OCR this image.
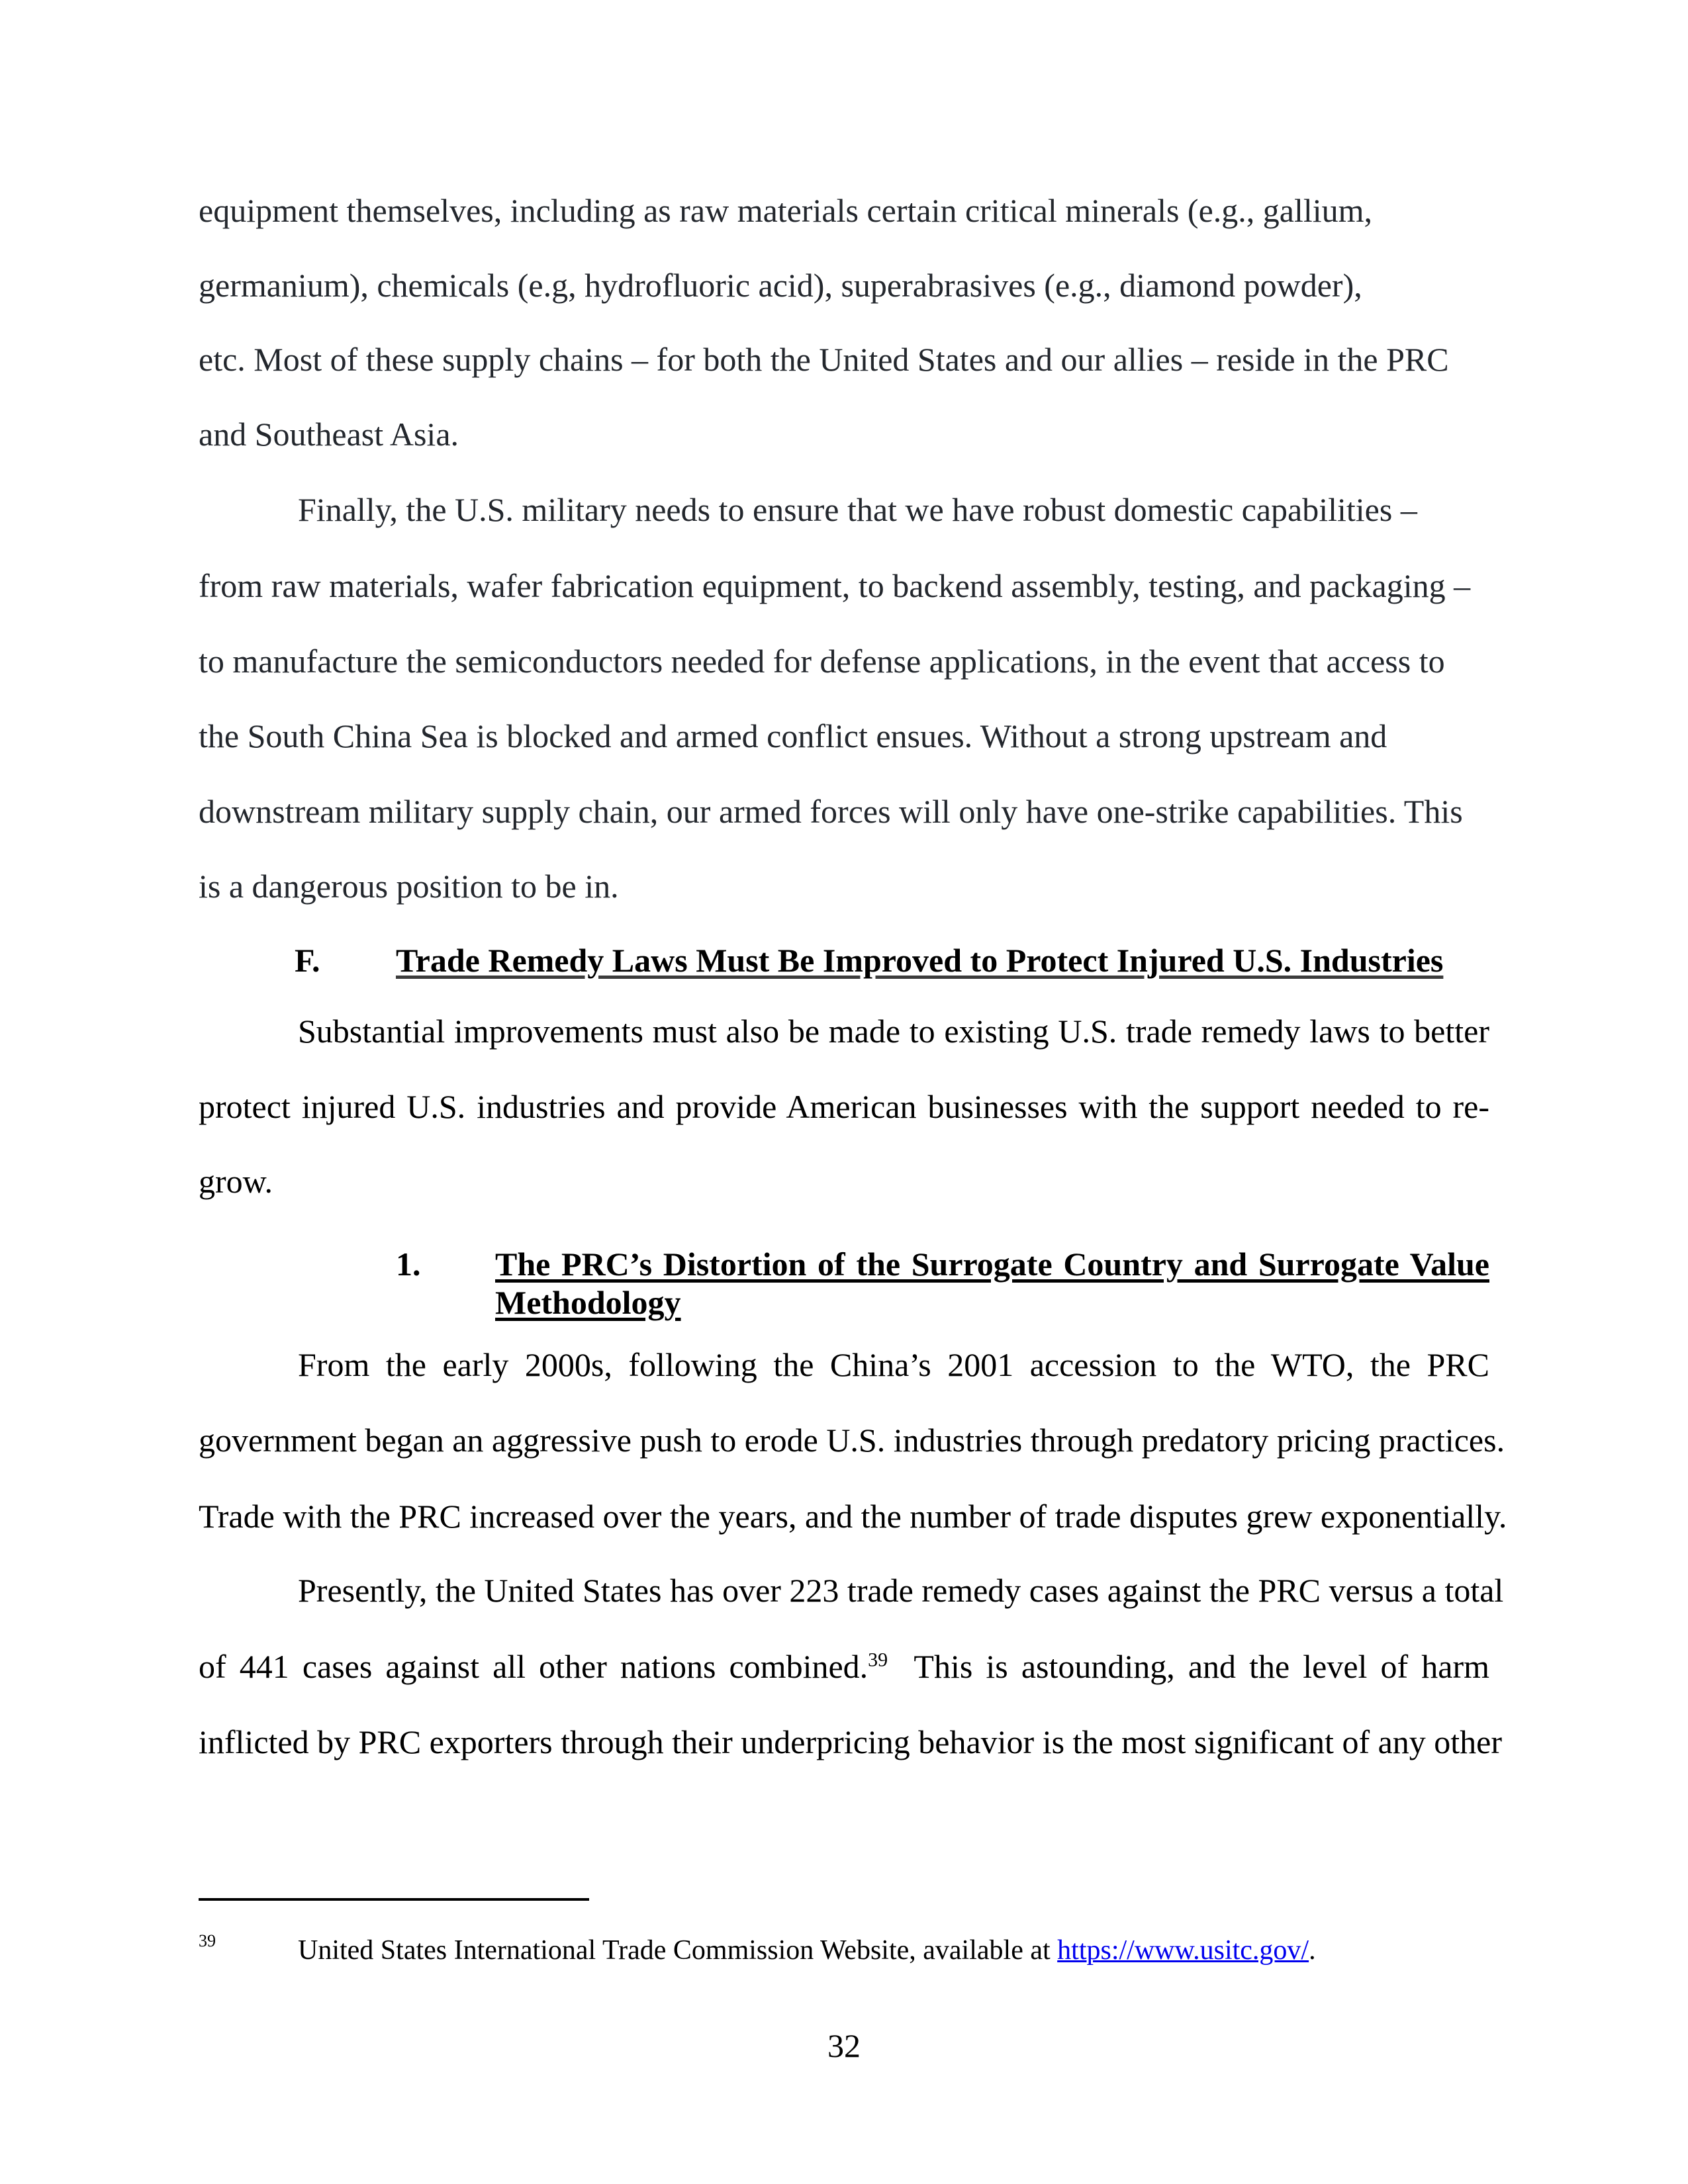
equipment themselves, including as raw materials certain critical minerals (e.g., gallium,
germanium), chemicals (e.g, hydrofluoric acid), superabrasives (e.g., diamond powder),
etc. Most of these supply chains – for both the United States and our allies – reside in the PRC
and Southeast Asia.
Finally, the U.S. military needs to ensure that we have robust domestic capabilities –
from raw materials, wafer fabrication equipment, to backend assembly, testing, and packaging –
to manufacture the semiconductors needed for defense applications, in the event that access to
the South China Sea is blocked and armed conflict ensues. Without a strong upstream and
downstream military supply chain, our armed forces will only have one-strike capabilities. This
is a dangerous position to be in.
F. Trade Remedy Laws Must Be Improved to Protect Injured U.S. Industries
Substantial improvements must also be made to existing U.S. trade remedy laws to better
protect injured U.S. industries and provide American businesses with the support needed to re-
grow.
1. The PRC’s Distortion of the Surrogate Country and Surrogate Value
Methodology
From the early 2000s, following the China’s 2001 accession to the WTO, the PRC
government began an aggressive push to erode U.S. industries through predatory pricing practices.
Trade with the PRC increased over the years, and the number of trade disputes grew exponentially.
Presently, the United States has over 223 trade remedy cases against the PRC versus a total
of 441 cases against all other nations combined.$^{39}$  This is astounding, and the level of harm
inflicted by PRC exporters through their underpricing behavior is the most significant of any other
39	United States International Trade Commission Website, available at https://www.usitc.gov/.
32
